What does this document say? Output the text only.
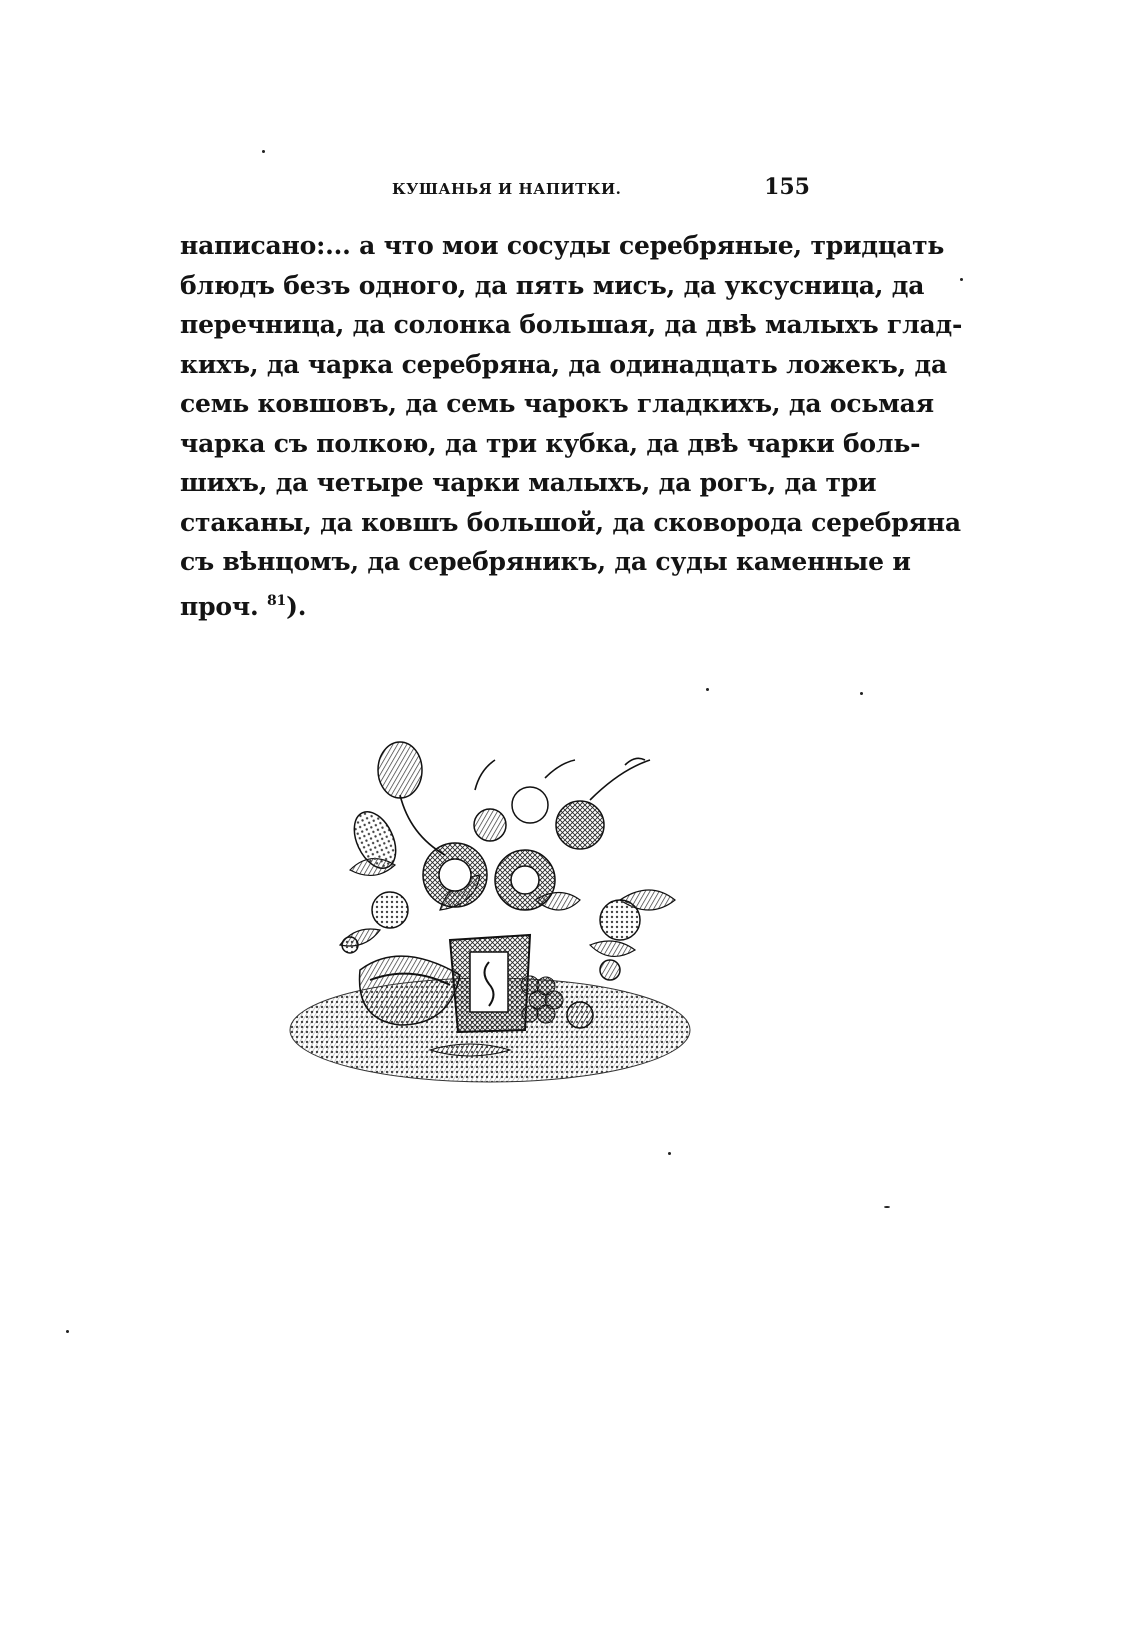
КУШАНЬЯ И НАПИТКИ.	155
написано:... а что мои сосуды серебряные, тридцать
блюдъ безъ одного, да пять мисъ, да уксусница, да
перечница, да солонка большая, да двѣ малыхъ глад-
кихъ, да чарка серебряна, да одинадцать ложекъ, да
семь ковшовъ, да семь чарокъ гладкихъ, да осьмая
чарка съ полкою, да три кубка, да двѣ чарки боль-
шихъ, да четыре чарки малыхъ, да рогъ, да три
стаканы, да ковшъ большой, да сковорода серебряна
съ вѣнцомъ, да серебряникъ, да суды каменные и
проч. $^{81}$).
